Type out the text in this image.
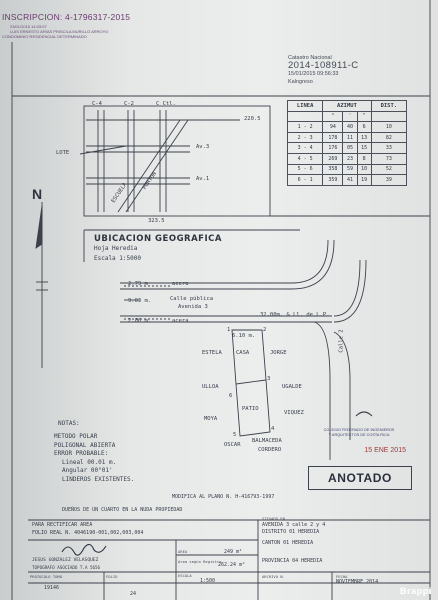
INSCRIPCION: 4-1796317-2015
23/01/2015 14:03:07
LUIS ERNESTO ARIAS PRISCILA MURILLO ARROYO
CONDOMINIO RESIDENCIAL DETERMINADO
Catastro Nacional
2014-108911-C
15/01/2015 09:56:33
Kalngreso
C-4	C-2	C Ctl.
220.5
LOTE
Av.3
Av.1
ESCUELA
PORTON
323.5
N
LINEA	AZIMUT			DIST.
	°	'	"	
1 - 2	94	40	6	10
2 - 3	178	11	13	82
3 - 4	176	05	15	33
4 - 5	269	23	8	73
5 - 6	358	59	10	52
6 - 1	359	41	19	39
UBICACION GEOGRAFICA
Hoja Heredia
Escala 1:5000
2.79 m	acera
9.03 m.	Calle pública
Avenida 3
2.06 m.	acera
32.00m. & Ll. de L.P.
Calle 2
6.10 m.
ESTELA	CASA	JORGE
ULLOA	UGALDE
PATIO
MOYA
VIQUEZ
OSCAR
BALMACEDA
CORDERO
1	2
3
4
5
6
NOTAS:
METODO POLAR
POLIGONAL ABIERTA
ERROR PROBABLE:
Lineal 00.01 m.
Angular 00°01'
LINDEROS EXISTENTES.
MODIFICA AL PLANO N. H-416793-1997
DUEÑOS DE UN CUARTO EN LA NUDA PROPIEDAD
COLEGIO FEDERADO DE INGENIEROS
Y ARQUITECTOS DE COSTA RICA
15 ENE 2015
ANOTADO
PARA RECTIFICAR AREA
FOLIO REAL N. 4046190-001,002,003,004
JESUS GONZALEZ VELASQUEZ
TOPOGRAFO ASOCIADO T.A 5656
AREA	249 m²
Area según Registro
262.24 m²
ESCALA
1:500
SITUADO EN
AVENIDA 3 calle 2 y 4
DISTRITO 01 HEREDIA
CANTON 01 HEREDIA
PROVINCIA 04 HEREDIA
PROTOCOLO TOMO
19146
FOLIO
24
ARCHIVO N.	FECHA
NOVIEMBRE 2014
Brappi
